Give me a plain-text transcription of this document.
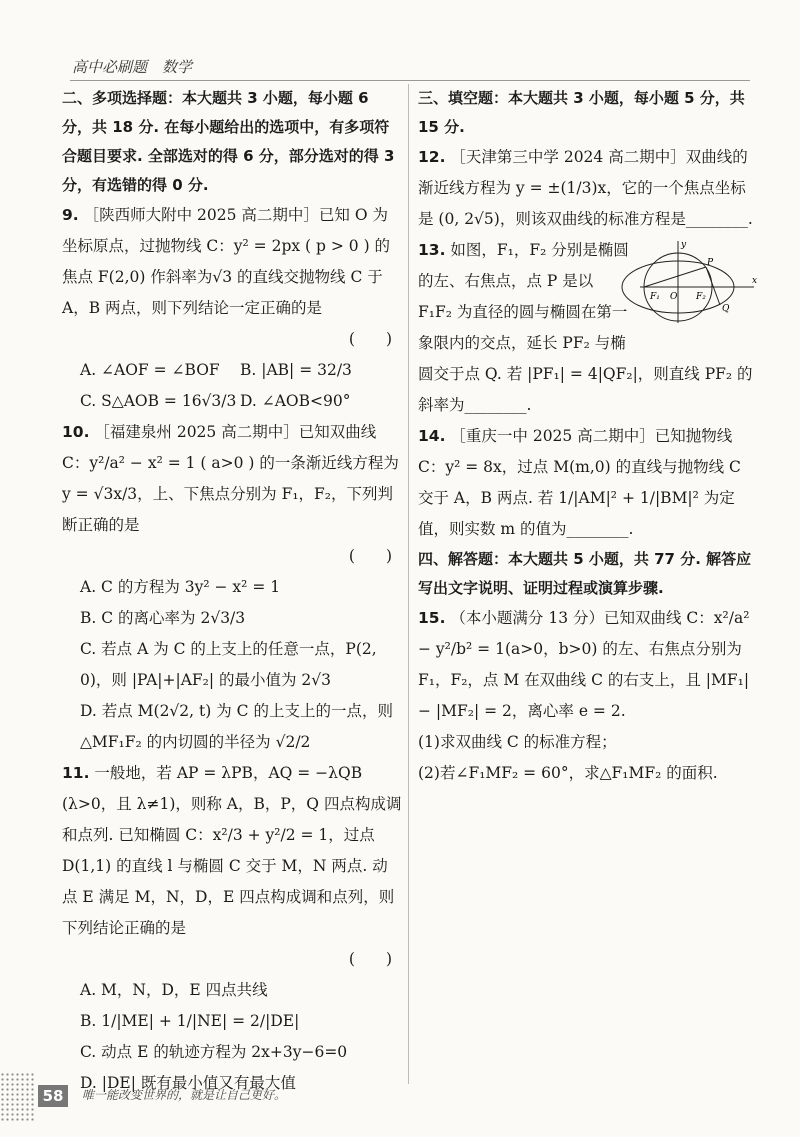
高中必刷题　数学
二、多项选择题：本大题共 3 小题，每小题 6 分，共 18 分. 在每小题给出的选项中，有多项符合题目要求. 全部选对的得 6 分，部分选对的得 3 分，有选错的得 0 分.
9. ［陕西师大附中 2025 高二期中］已知 O 为坐标原点，过抛物线 C：y² = 2px ( p > 0 ) 的焦点 F(2,0) 作斜率为√3 的直线交抛物线 C 于 A，B 两点，则下列结论一定正确的是
(　　)
A. ∠AOF = ∠BOF	B. |AB| = 32/3
C. S△AOB = 16√3/3 D. ∠AOB<90°
10. ［福建泉州 2025 高二期中］已知双曲线 C：y²/a² − x² = 1 ( a>0 ) 的一条渐近线方程为 y = √3x/3，上、下焦点分别为 F₁，F₂，下列判断正确的是
(　　)
A. C 的方程为 3y² − x² = 1
B. C 的离心率为 2√3/3
C. 若点 A 为 C 的上支上的任意一点，P(2, 0)，则 |PA|+|AF₂| 的最小值为 2√3
D. 若点 M(2√2, t) 为 C 的上支上的一点，则 △MF₁F₂ 的内切圆的半径为 √2/2
11. 一般地，若 AP = λPB，AQ = −λQB (λ>0，且 λ≠1)，则称 A，B，P，Q 四点构成调和点列. 已知椭圆 C：x²/3 + y²/2 = 1，过点 D(1,1) 的直线 l 与椭圆 C 交于 M，N 两点. 动点 E 满足 M，N，D，E 四点构成调和点列，则下列结论正确的是
(　　)
A. M，N，D，E 四点共线
B. 1/|ME| + 1/|NE| = 2/|DE|
C. 动点 E 的轨迹方程为 2x+3y−6=0
D. |DE| 既有最小值又有最大值
三、填空题：本大题共 3 小题，每小题 5 分，共 15 分.
12. ［天津第三中学 2024 高二期中］双曲线的渐近线方程为 y = ±(1/3)x，它的一个焦点坐标是 (0, 2√5)，则该双曲线的标准方程是________.
x
y
P
F₁ O F₂
Q
13. 如图，F₁，F₂ 分别是椭圆的左、右焦点，点 P 是以 F₁F₂ 为直径的圆与椭圆在第一象限内的交点，延长 PF₂ 与椭圆交于点 Q. 若 |PF₁| = 4|QF₂|，则直线 PF₂ 的斜率为________.
14. ［重庆一中 2025 高二期中］已知抛物线 C：y² = 8x，过点 M(m,0) 的直线与抛物线 C 交于 A，B 两点. 若 1/|AM|² + 1/|BM|² 为定值，则实数 m 的值为________.
四、解答题：本大题共 5 小题，共 77 分. 解答应写出文字说明、证明过程或演算步骤.
15. （本小题满分 13 分）已知双曲线 C：x²/a² − y²/b² = 1(a>0，b>0) 的左、右焦点分别为 F₁，F₂，点 M 在双曲线 C 的右支上，且 |MF₁| − |MF₂| = 2，离心率 e = 2.
(1)求双曲线 C 的标准方程；
(2)若∠F₁MF₂ = 60°，求△F₁MF₂ 的面积.
58	唯一能改变世界的，就是让自己更好。
